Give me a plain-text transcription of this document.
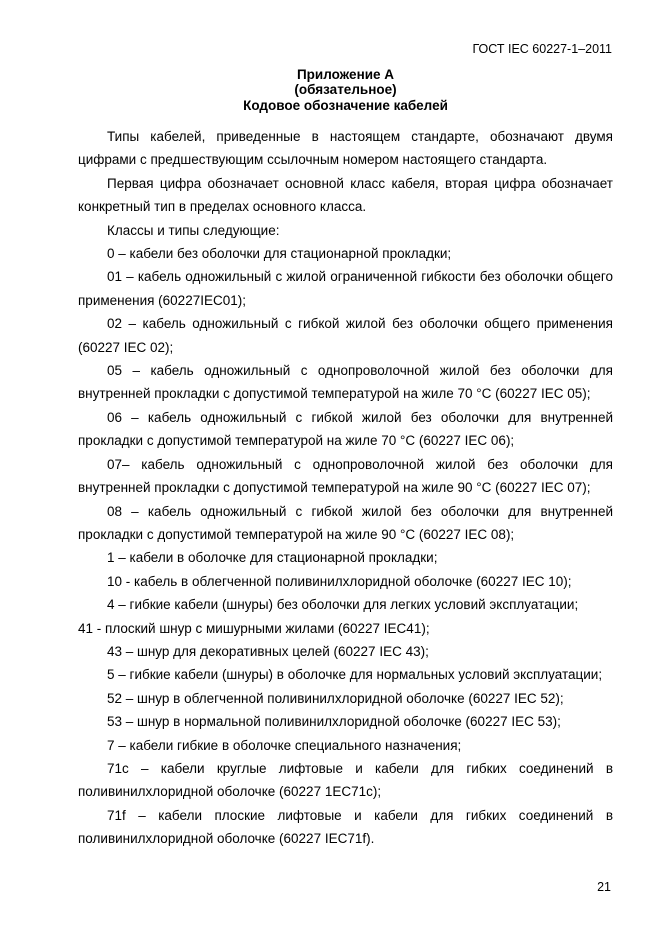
ГОСТ IEC 60227-1–2011
Приложение А
(обязательное)
Кодовое обозначение кабелей

Типы кабелей, приведенные в настоящем стандарте, обозначают двумя цифрами с предшествующим ссылочным номером настоящего стандарта.

Первая цифра обозначает основной класс кабеля, вторая цифра обозначает конкретный тип в пределах основного класса.

Классы и типы следующие:

0 – кабели без оболочки для стационарной прокладки;

01 – кабель одножильный с жилой ограниченной гибкости без оболочки общего применения (60227IEC01);

02 – кабель одножильный с гибкой жилой без оболочки общего применения (60227 IEC 02);

05 – кабель одножильный с однопроволочной жилой без оболочки для внутренней прокладки с допустимой температурой на жиле 70 °С (60227 IEC 05);

06 – кабель одножильный с гибкой жилой без оболочки для внутренней прокладки с допустимой температурой на жиле 70 °С (60227 IEC 06);

07– кабель одножильный с однопроволочной жилой без оболочки для внутренней прокладки с допустимой температурой на жиле 90 °С (60227 IEC 07);

08 – кабель одножильный с гибкой жилой без оболочки для внутренней прокладки с допустимой температурой на жиле 90 °С (60227 IEC 08);

1 – кабели в оболочке для стационарной прокладки;

10 - кабель в облегченной поливинилхлоридной оболочке (60227 IEC 10);

4 – гибкие кабели (шнуры) без оболочки для легких условий эксплуатации;

41 - плоский шнур с мишурными жилами (60227 IEC41);

43 – шнур для декоративных целей (60227 IEC 43);

5 – гибкие кабели (шнуры) в оболочке для нормальных условий эксплуатации;

52 – шнур в облегченной поливинилхлоридной оболочке (60227 IEC 52);

53 – шнур в нормальной поливинилхлоридной оболочке (60227 IEC 53);

7 – кабели гибкие в оболочке специального назначения;

71c – кабели круглые лифтовые и кабели для гибких соединений в поливинилхлоридной оболочке (60227 1EC71c);

71f – кабели плоские лифтовые и кабели для гибких соединений в поливинилхлоридной оболочке (60227 IEC71f).

21
